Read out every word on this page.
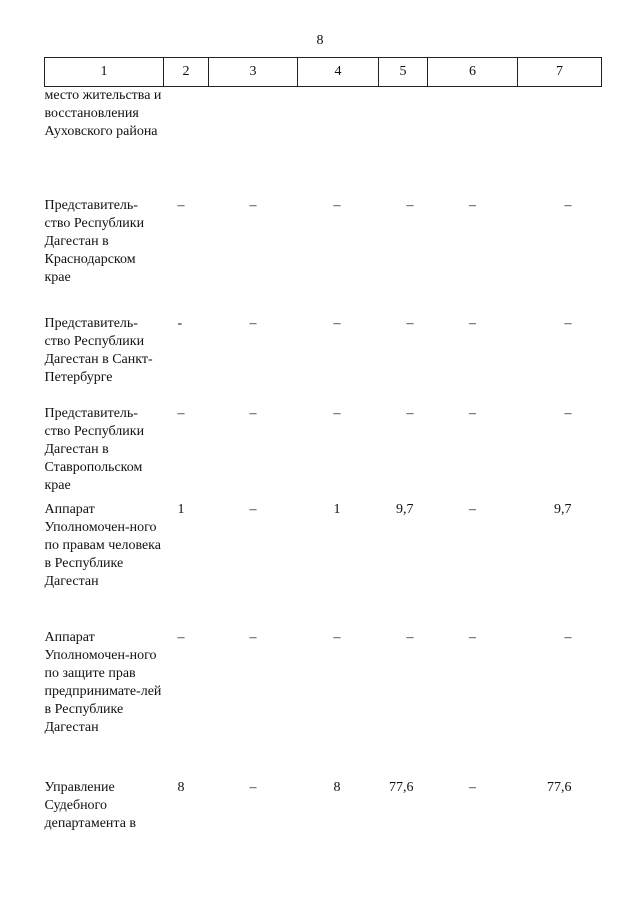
8
1	2	3	4	5	6	7
место жительства и восстановления Ауховского района						
Представитель-ство Республики Дагестан в Краснодарском крае	–	–	–	–	–	–
Представитель-ство Республики Дагестан в Санкт-Петербурге	-	–	–	–	–	–
Представитель-ство Республики Дагестан в Ставропольском крае	–	–	–	–	–	–
Аппарат Уполномочен-ного по правам человека в Республике Дагестан	1	–	1	9,7	–	9,7
Аппарат Уполномочен-ного по защите прав предпринимате-лей в Республике Дагестан	–	–	–	–	–	–
Управление Судебного департамента в	8	–	8	77,6	–	77,6
